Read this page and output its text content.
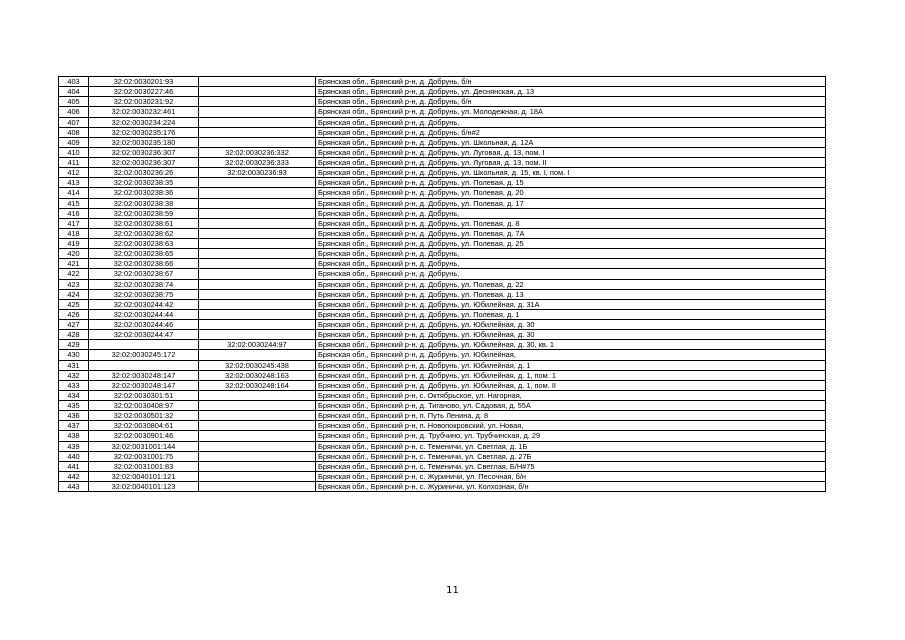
403	32:02:0030201:93		Брянская обл., Брянский р-н, д. Добрунь, б/н
404	32:02:0030227:46		Брянская обл., Брянский р-н, д. Добрунь, ул. Деснянская, д. 13
405	32:02:0030231:92		Брянская обл., Брянский р-н, д. Добрунь, б/н
406	32:02:0030232:461		Брянская обл., Брянский р-н, д. Добрунь, ул. Молодежная, д. 18А
407	32:02:0030234:224		Брянская обл., Брянский р-н, д. Добрунь,
408	32:02:0030235:176		Брянская обл., Брянский р-н, д. Добрунь, б/н#2
409	32:02:0030235:180		Брянская обл., Брянский р-н, д. Добрунь, ул. Школьная, д. 12А
410	32:02:0030236:307	32:02:0030236:332	Брянская обл., Брянский р-н, д. Добрунь, ул. Луговая, д. 13, пом. I
411	32:02:0030236:307	32:02:0030236:333	Брянская обл., Брянский р-н, д. Добрунь, ул. Луговая, д. 13, пом. II
412	32:02:0030236:26	32:02:0030236:93	Брянская обл., Брянский р-н, д. Добрунь, ул. Школьная, д. 15, кв. I, пом. I
413	32:02:0030238:35		Брянская обл., Брянский р-н, д. Добрунь, ул. Полевая, д. 15
414	32:02:0030238:36		Брянская обл., Брянский р-н, д. Добрунь, ул. Полевая, д. 20
415	32:02:0030238:38		Брянская обл., Брянский р-н, д. Добрунь, ул. Полевая, д. 17
416	32:02:0030238:59		Брянская обл., Брянский р-н, д. Добрунь,
417	32:02:0030238:61		Брянская обл., Брянский р-н, д. Добрунь, ул. Полевая, д. 8
418	32:02:0030238:62		Брянская обл., Брянский р-н, д. Добрунь, ул. Полевая, д. 7А
419	32:02:0030238:63		Брянская обл., Брянский р-н, д. Добрунь, ул. Полевая, д. 25
420	32:02:0030238:65		Брянская обл., Брянский р-н, д. Добрунь,
421	32:02:0030238:66		Брянская обл., Брянский р-н, д. Добрунь,
422	32:02:0030238:67		Брянская обл., Брянский р-н, д. Добрунь,
423	32:02:0030238:74		Брянская обл., Брянский р-н, д. Добрунь, ул. Полевая, д. 22
424	32:02:0030238:75		Брянская обл., Брянский р-н, д. Добрунь, ул. Полевая, д. 13
425	32:02:0030244:42		Брянская обл., Брянский р-н, д. Добрунь, ул. Юбилейная, д. 31А
426	32:02:0030244:44		Брянская обл., Брянский р-н, д. Добрунь, ул. Полевая, д. 1
427	32:02:0030244:46		Брянская обл., Брянский р-н, д. Добрунь, ул. Юбилейная, д. 30
428	32:02:0030244:47		Брянская обл., Брянский р-н, д. Добрунь, ул. Юбилейная, д. 30
429		32:02:0030244:97	Брянская обл., Брянский р-н, д. Добрунь, ул. Юбилейная, д. 30, кв. 1
430	32:02:0030245:172		Брянская обл., Брянский р-н, д. Добрунь, ул. Юбилейная,
431		32:02:0030245:438	Брянская обл., Брянский р-н, д. Добрунь, ул. Юбилейная, д. 1
432	32:02:0030248:147	32:02:0030248:163	Брянская обл., Брянский р-н, д. Добрунь, ул. Юбилейная, д. 1, пом. 1
433	32:02:0030248:147	32:02:0030248:164	Брянская обл., Брянский р-н, д. Добрунь, ул. Юбилейная, д. 1, пом. II
434	32:02:0030301:51		Брянская обл., Брянский р-н, с. Октябрьское, ул. Нагорная,
435	32:02:0030408:97		Брянская обл., Брянский р-н, д. Тиганово, ул. Садовая, д. 55А
436	32:02:0030501:32		Брянская обл., Брянский р-н, п. Путь Ленина, д. 8
437	32:02:0030804:61		Брянская обл., Брянский р-н, п. Новопокровский, ул. Новая,
438	32:02:0030901:46		Брянская обл., Брянский р-н, д. Трубчино, ул. Трубчинская, д. 29
439	32:02:0031001:144		Брянская обл., Брянский р-н, с. Теменичи, ул. Светлая, д. 1Б
440	32:02:0031001:75		Брянская обл., Брянский р-н, с. Теменичи, ул. Светлая, д. 27Б
441	32:02:0031001:83		Брянская обл., Брянский р-н, с. Теменичи, ул. Светлая, Б/Н#75
442	32:02:0040101:121		Брянская обл., Брянский р-н, с. Журиничи, ул. Песочная, б/н
443	32:02:0040101:123		Брянская обл., Брянский р-н, с. Журиничи, ул. Колхозная, б/н
11
